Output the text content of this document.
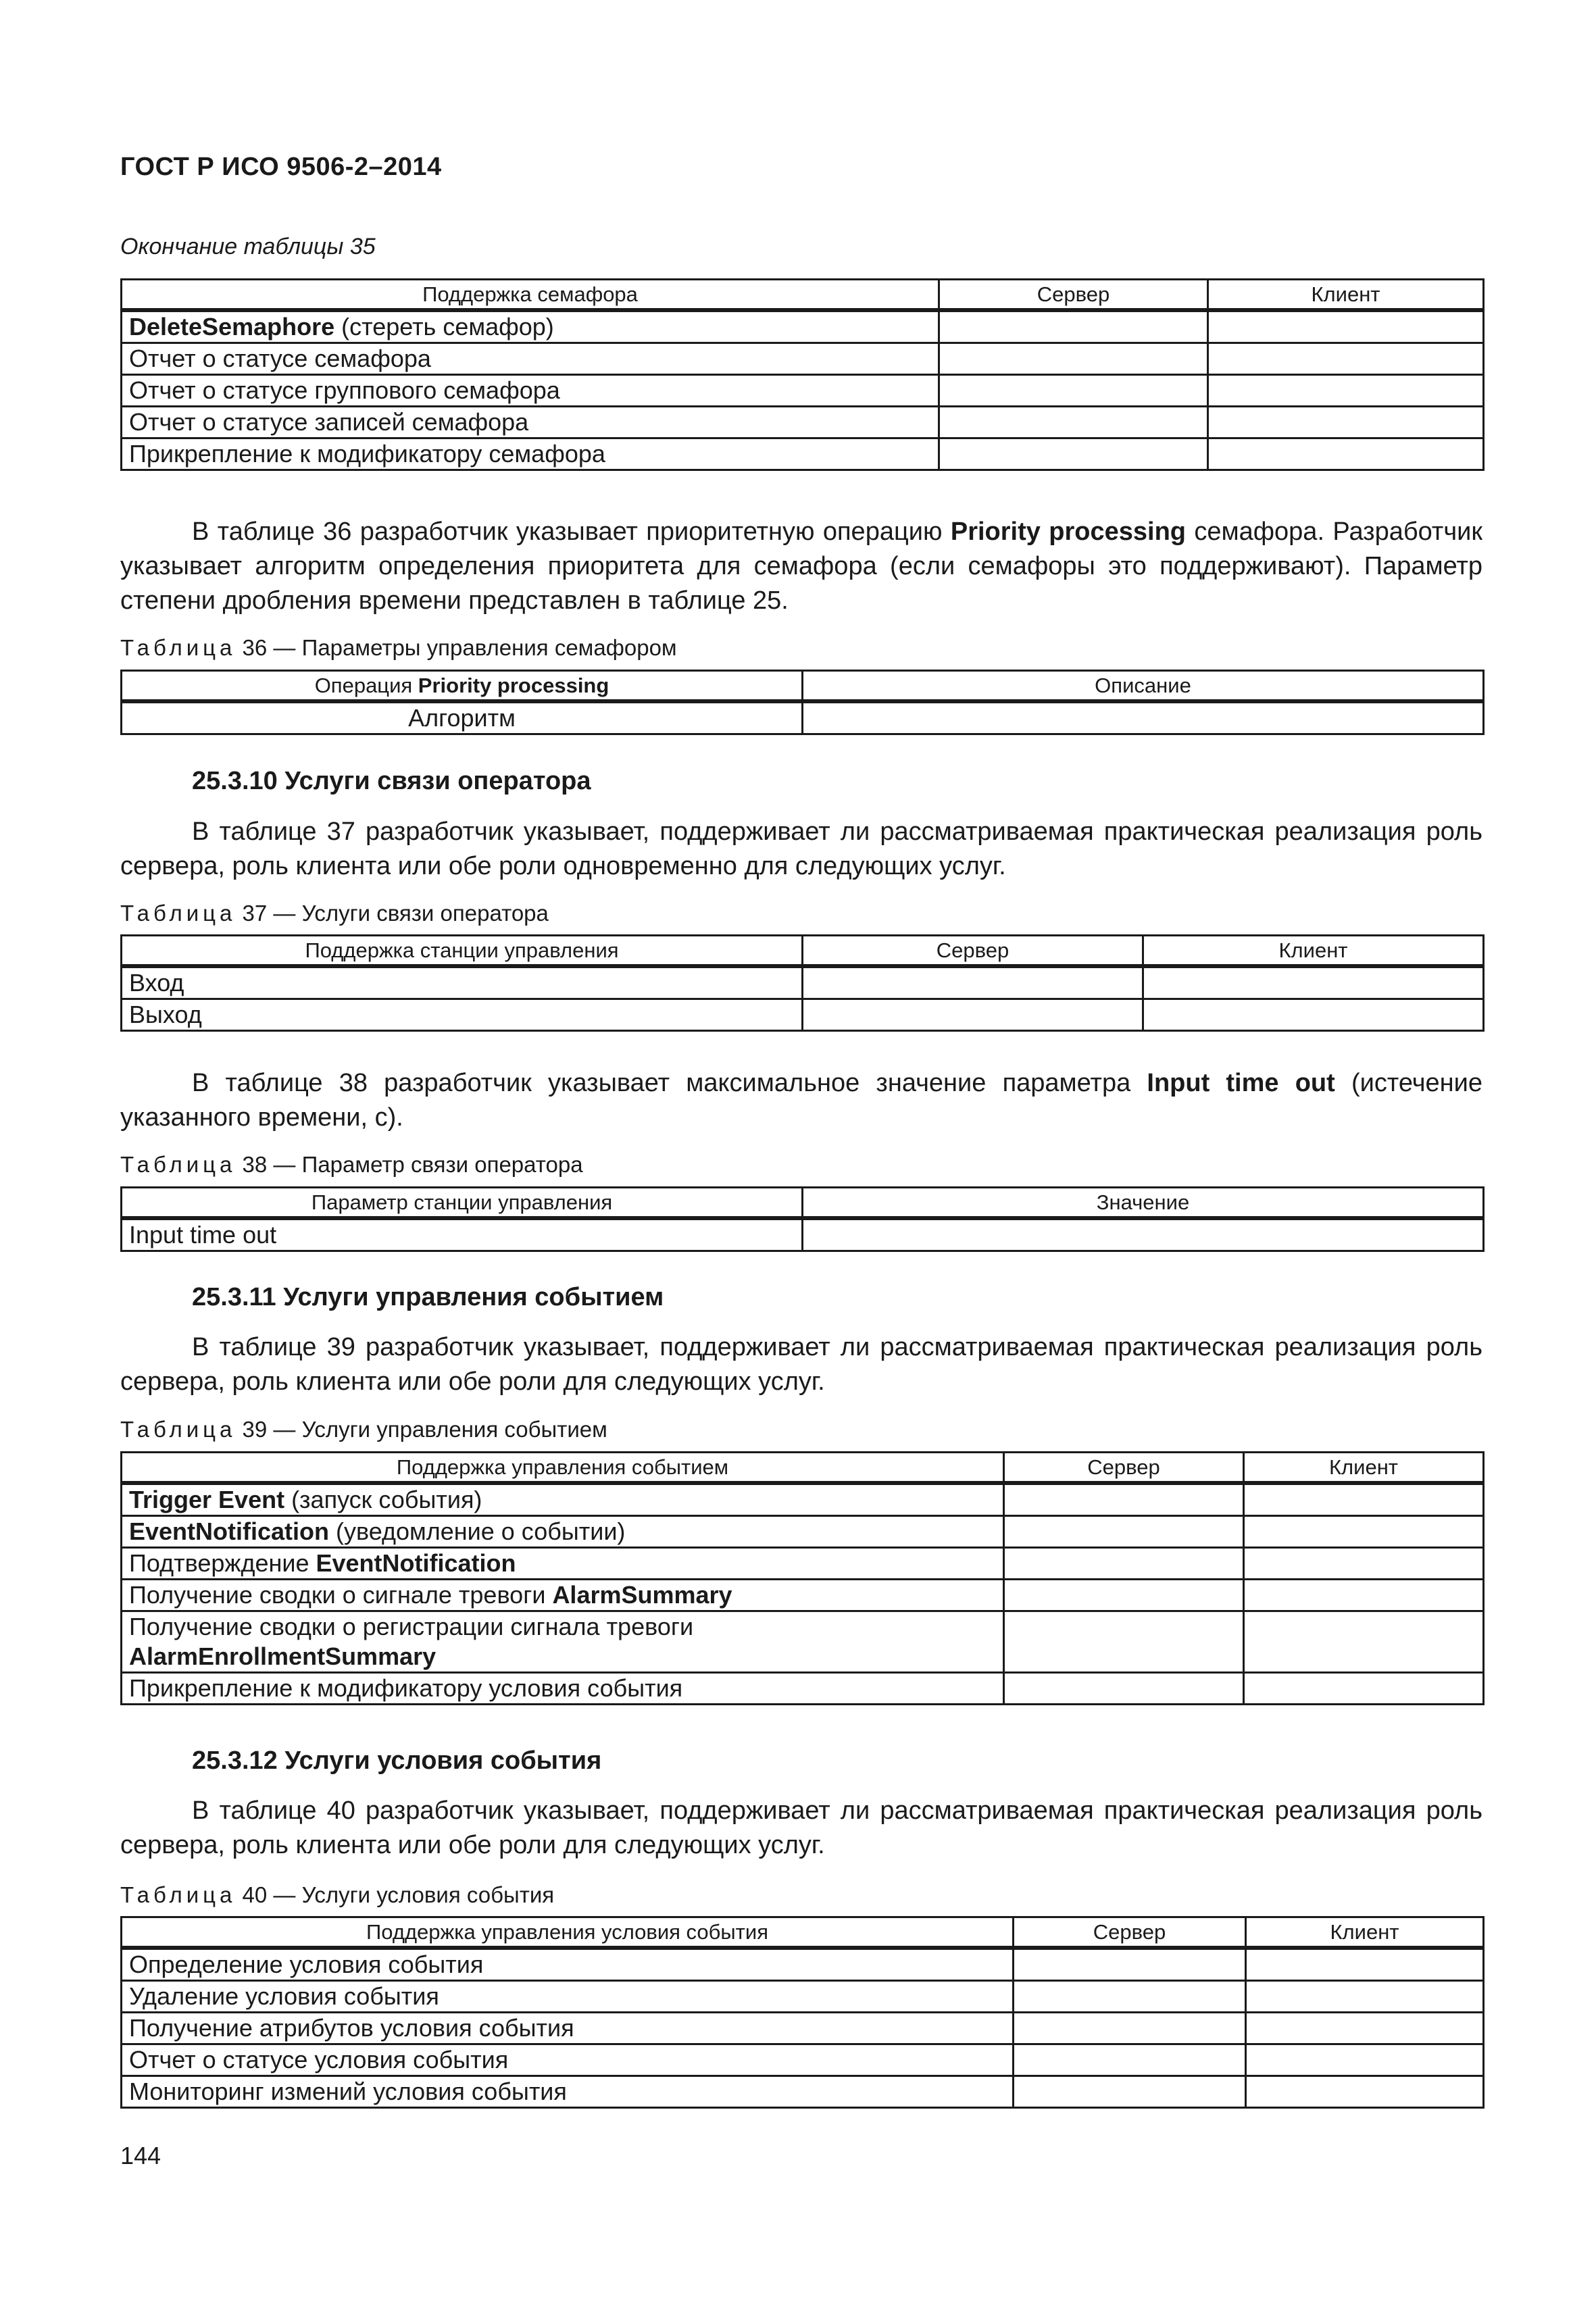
ГОСТ Р ИСО 9506-2–2014
Окончание таблицы 35
Поддержка семафора	Сервер	Клиент
DeleteSemaphore (стереть семафор)		
Отчет о статусе семафора		
Отчет о статусе группового семафора		
Отчет о статусе записей семафора		
Прикрепление к модификатору семафора		
В таблице 36 разработчик указывает приоритетную операцию Priority processing семафора. Разработчик указывает алгоритм определения приоритета для семафора (если семафоры это поддерживают). Параметр степени дробления времени представлен в таблице 25.
Таблица 36 — Параметры управления семафором
Операция Priority processing	Описание
Алгоритм	
25.3.10 Услуги связи оператора
В таблице 37 разработчик указывает, поддерживает ли рассматриваемая практическая реализация роль сервера, роль клиента или обе роли одновременно для следующих услуг.
Таблица 37 — Услуги связи оператора
Поддержка станции управления	Сервер	Клиент
Вход		
Выход		
В таблице 38 разработчик указывает максимальное значение параметра Input time out (истечение указанного времени, с).
Таблица 38 — Параметр связи оператора
Параметр станции управления	Значение
Input time out	
25.3.11 Услуги управления событием
В таблице 39 разработчик указывает, поддерживает ли рассматриваемая практическая реализация роль сервера, роль клиента или обе роли для следующих услуг.
Таблица 39 — Услуги управления событием
Поддержка управления событием	Сервер	Клиент
Trigger Event (запуск события)		
EventNotification (уведомление о событии)		
Подтверждение EventNotification		
Получение сводки о сигнале тревоги AlarmSummary		
Получение сводки о регистрации сигнала тревоги
AlarmEnrollmentSummary		
Прикрепление к модификатору условия события		
25.3.12 Услуги условия события
В таблице 40 разработчик указывает, поддерживает ли рассматриваемая практическая реализация роль сервера, роль клиента или обе роли для следующих услуг.
Таблица 40 — Услуги условия события
Поддержка управления условия события	Сервер	Клиент
Определение условия события		
Удаление условия события		
Получение атрибутов условия события		
Отчет о статусе условия события		
Мониторинг измений условия события		
144
